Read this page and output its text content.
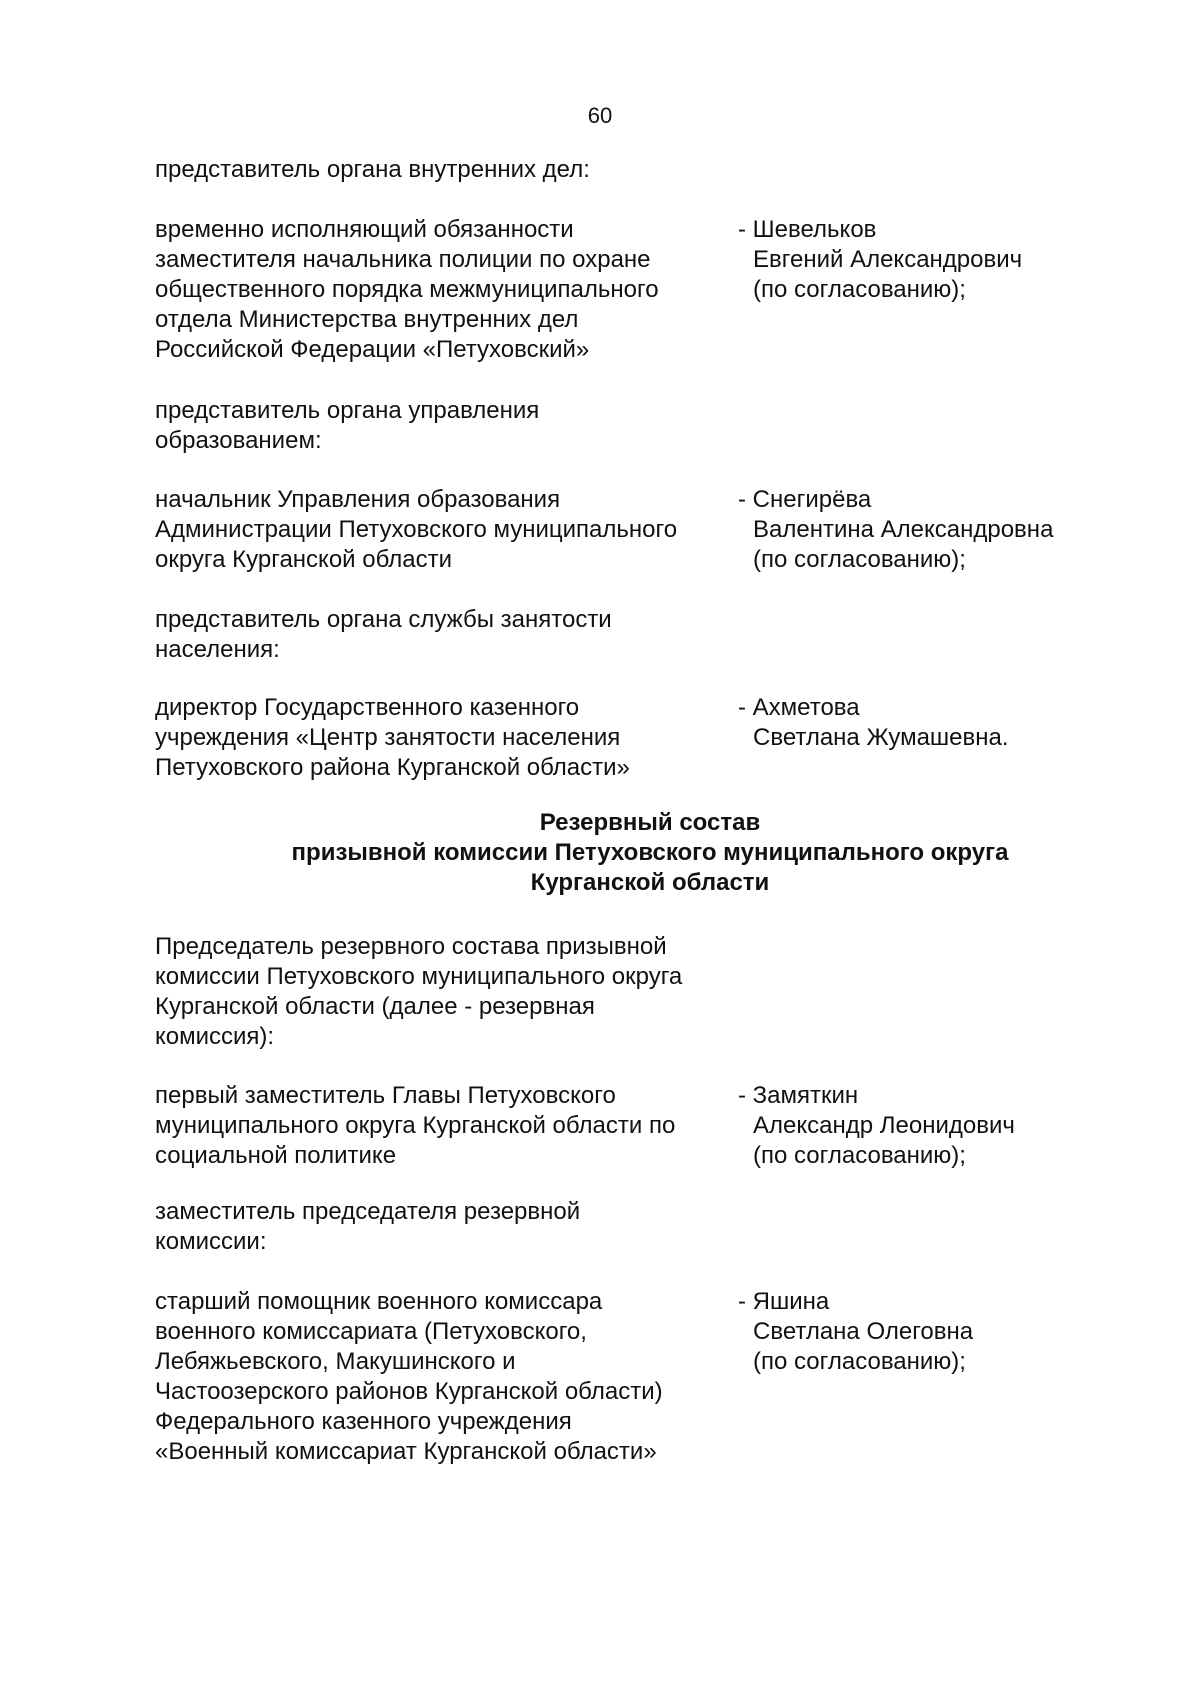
60
представитель органа внутренних дел:
временно исполняющий обязанности
заместителя начальника полиции по охране
общественного порядка межмуниципального
отдела Министерства внутренних дел
Российской Федерации «Петуховский»
- Шевельков
Евгений Александрович
(по согласованию);
представитель органа управления
образованием:
начальник Управления образования
Администрации Петуховского муниципального
округа Курганской области
- Снегирёва
Валентина Александровна
(по согласованию);
представитель органа службы занятости
населения:
директор Государственного казенного
учреждения «Центр занятости населения
Петуховского района Курганской области»
- Ахметова
Светлана Жумашевна.
Резервный состав
призывной комиссии Петуховского муниципального округа
Курганской области
Председатель резервного состава призывной
комиссии Петуховского муниципального округа
Курганской области (далее - резервная
комиссия):
первый заместитель Главы Петуховского
муниципального округа Курганской области по
социальной политике
- Замяткин
Александр Леонидович
(по согласованию);
заместитель председателя резервной
комиссии:
старший помощник военного комиссара
военного комиссариата (Петуховского,
Лебяжьевского, Макушинского и
Частоозерского районов Курганской области)
Федерального казенного учреждения
«Военный комиссариат Курганской области»
- Яшина
Светлана Олеговна
(по согласованию);
